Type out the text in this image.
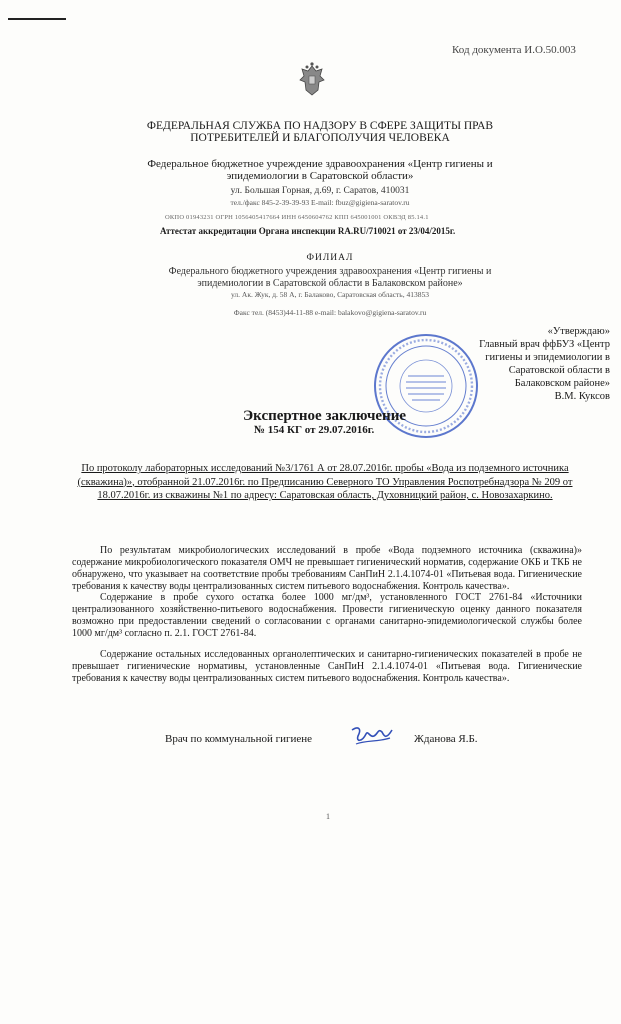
Код документа И.О.50.003
ФЕДЕРАЛЬНАЯ СЛУЖБА ПО НАДЗОРУ В СФЕРЕ ЗАЩИТЫ ПРАВ ПОТРЕБИТЕЛЕЙ И БЛАГОПОЛУЧИЯ ЧЕЛОВЕКА
Федеральное бюджетное учреждение здравоохранения «Центр гигиены и эпидемиологии в Саратовской области»
ул. Большая Горная, д.69, г. Саратов, 410031
тел./факс 845-2-39-39-93 E-mail: fbuz@gigiena-saratov.ru
ОКПО 01943231 ОГРН 1056405417664 ИНН 6450604762 КПП 645001001 ОКВЭД 85.14.1
Аттестат аккредитации Органа инспекции RA.RU/710021 от 23/04/2015г.
ФИЛИАЛ
Федерального бюджетного учреждения здравоохранения «Центр гигиены и эпидемиологии в Саратовской области в Балаковском районе»
ул. Ак. Жук, д. 58 А, г. Балаково, Саратовская область, 413853
Факс тел. (8453)44-11-88 e-mail: balakovo@gigiena-saratov.ru
«Утверждаю»
Главный врач ффБУЗ «Центр гигиены и эпидемиологии в Саратовской области в Балаковском районе»
В.М. Куксов
Экспертное заключение
№ 154 КГ от 29.07.2016г.
По протоколу лабораторных исследований №3/1761 А от 28.07.2016г. пробы «Вода из подземного источника (скважина)», отобранной 21.07.2016г. по Предписанию Северного ТО Управления Роспотребнадзора № 209 от 18.07.2016г. из скважины №1 по адресу: Саратовская область, Духовницкий район, с. Новозахаркино.
По результатам микробиологических исследований в пробе «Вода подземного источника (скважина)» содержание микробиологического показателя ОМЧ не превышает гигиенический норматив, содержание ОКБ и ТКБ не обнаружено, что указывает на соответствие пробы требованиям СанПиН 2.1.4.1074-01 «Питьевая вода. Гигиенические требования к качеству воды централизованных систем питьевого водоснабжения. Контроль качества».
Содержание в пробе сухого остатка более 1000 мг/дм³, установленного ГОСТ 2761-84 «Источники централизованного хозяйственно-питьевого водоснабжения. Провести гигиеническую оценку данного показателя возможно при предоставлении сведений о согласовании с органами санитарно-эпидемиологической службы более 1000 мг/дм³ согласно п. 2.1. ГОСТ 2761-84.
Содержание остальных исследованных органолептических и санитарно-гигиенических показателей в пробе не превышает гигиенические нормативы, установленные СанПиН 2.1.4.1074-01 «Питьевая вода. Гигиенические требования к качеству воды централизованных систем питьевого водоснабжения. Контроль качества».
Врач по коммунальной гигиене	Жданова Я.Б.
1
